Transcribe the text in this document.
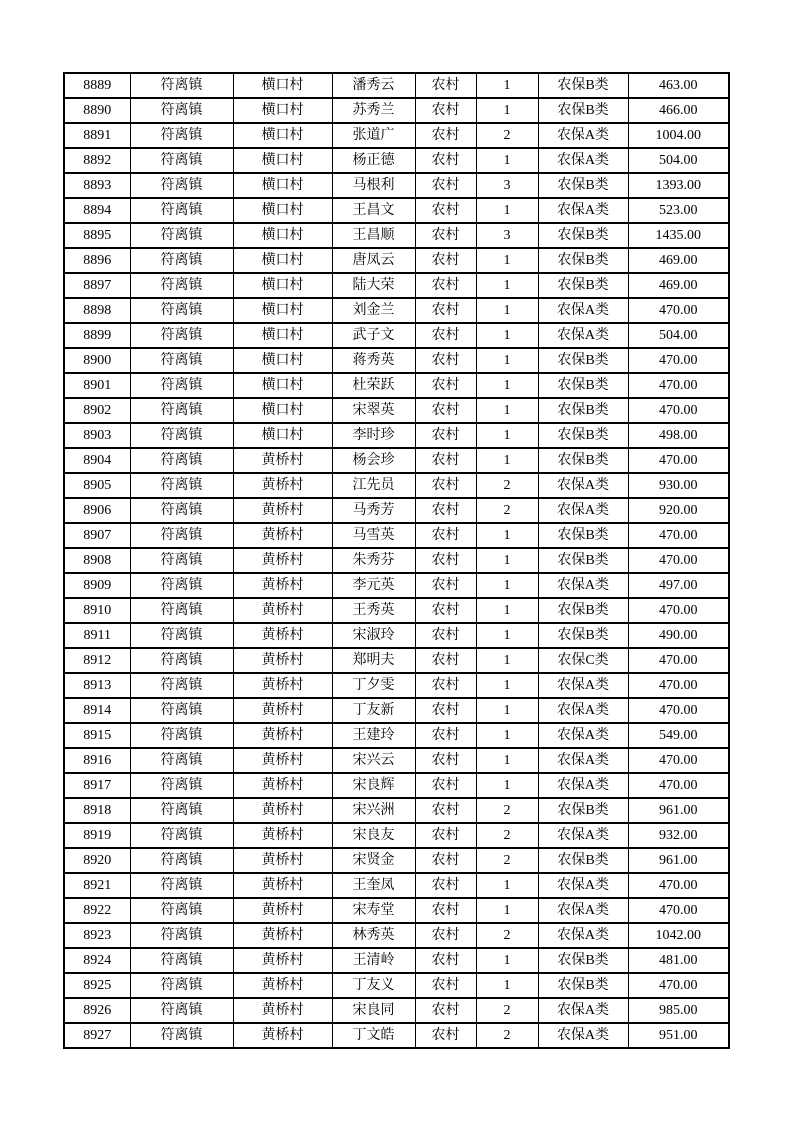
8889	符离镇	横口村	潘秀云	农村	1	农保B类	463.00
8890	符离镇	横口村	苏秀兰	农村	1	农保B类	466.00
8891	符离镇	横口村	张道广	农村	2	农保A类	1004.00
8892	符离镇	横口村	杨正德	农村	1	农保A类	504.00
8893	符离镇	横口村	马根利	农村	3	农保B类	1393.00
8894	符离镇	横口村	王昌文	农村	1	农保A类	523.00
8895	符离镇	横口村	王昌顺	农村	3	农保B类	1435.00
8896	符离镇	横口村	唐凤云	农村	1	农保B类	469.00
8897	符离镇	横口村	陆大荣	农村	1	农保B类	469.00
8898	符离镇	横口村	刘金兰	农村	1	农保A类	470.00
8899	符离镇	横口村	武子文	农村	1	农保A类	504.00
8900	符离镇	横口村	蒋秀英	农村	1	农保B类	470.00
8901	符离镇	横口村	杜荣跃	农村	1	农保B类	470.00
8902	符离镇	横口村	宋翠英	农村	1	农保B类	470.00
8903	符离镇	横口村	李时珍	农村	1	农保B类	498.00
8904	符离镇	黄桥村	杨会珍	农村	1	农保B类	470.00
8905	符离镇	黄桥村	江先员	农村	2	农保A类	930.00
8906	符离镇	黄桥村	马秀芳	农村	2	农保A类	920.00
8907	符离镇	黄桥村	马雪英	农村	1	农保B类	470.00
8908	符离镇	黄桥村	朱秀芬	农村	1	农保B类	470.00
8909	符离镇	黄桥村	李元英	农村	1	农保A类	497.00
8910	符离镇	黄桥村	王秀英	农村	1	农保B类	470.00
8911	符离镇	黄桥村	宋淑玲	农村	1	农保B类	490.00
8912	符离镇	黄桥村	郑明夫	农村	1	农保C类	470.00
8913	符离镇	黄桥村	丁夕雯	农村	1	农保A类	470.00
8914	符离镇	黄桥村	丁友新	农村	1	农保A类	470.00
8915	符离镇	黄桥村	王建玲	农村	1	农保A类	549.00
8916	符离镇	黄桥村	宋兴云	农村	1	农保A类	470.00
8917	符离镇	黄桥村	宋良辉	农村	1	农保A类	470.00
8918	符离镇	黄桥村	宋兴洲	农村	2	农保B类	961.00
8919	符离镇	黄桥村	宋良友	农村	2	农保A类	932.00
8920	符离镇	黄桥村	宋贤金	农村	2	农保B类	961.00
8921	符离镇	黄桥村	王奎凤	农村	1	农保A类	470.00
8922	符离镇	黄桥村	宋寿堂	农村	1	农保A类	470.00
8923	符离镇	黄桥村	林秀英	农村	2	农保A类	1042.00
8924	符离镇	黄桥村	王清岭	农村	1	农保B类	481.00
8925	符离镇	黄桥村	丁友义	农村	1	农保B类	470.00
8926	符离镇	黄桥村	宋良同	农村	2	农保A类	985.00
8927	符离镇	黄桥村	丁文皓	农村	2	农保A类	951.00
